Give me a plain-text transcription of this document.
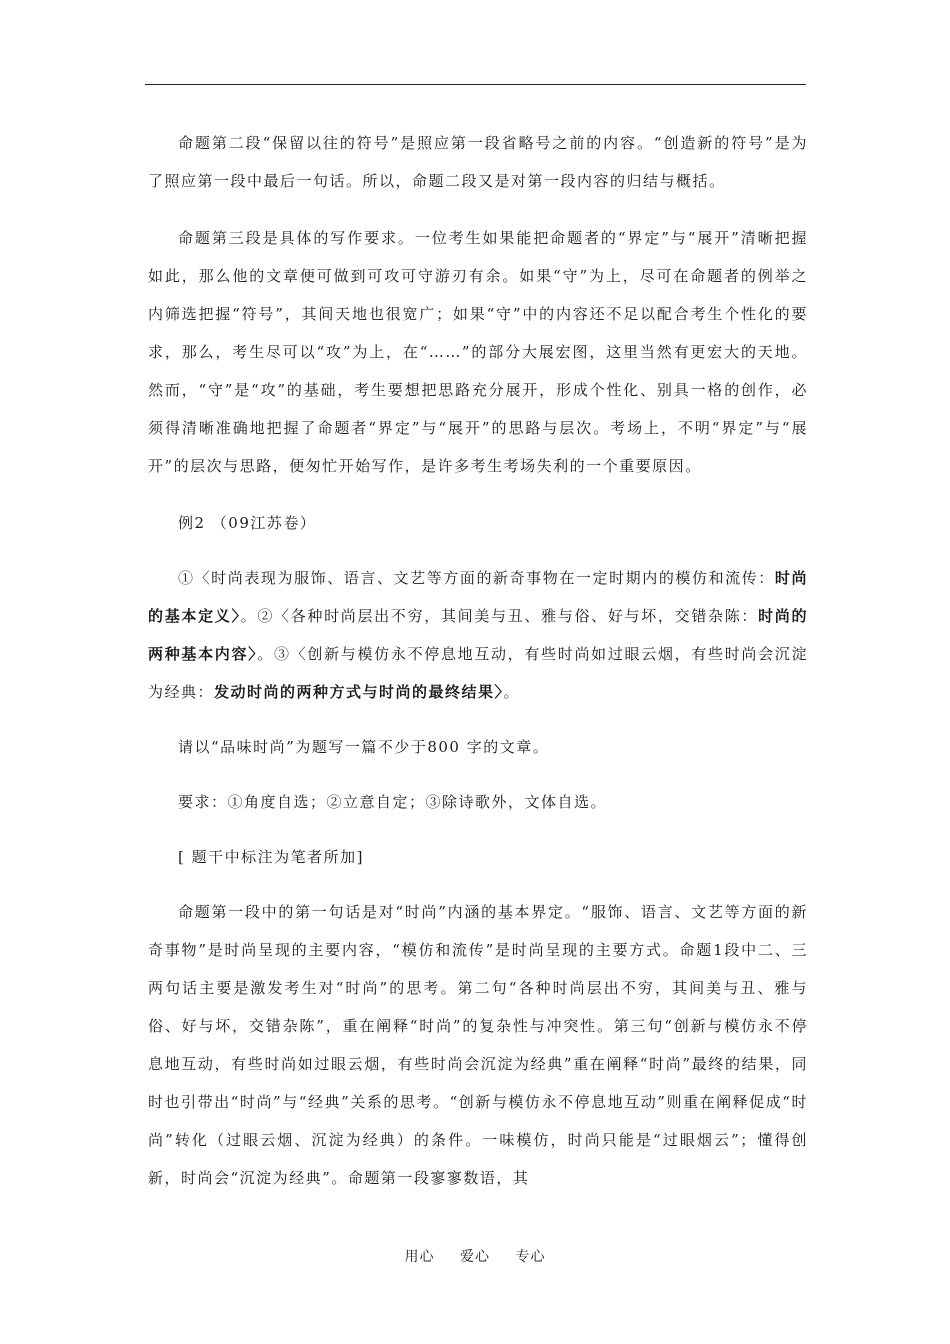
命题第二段“保留以往的符号”是照应第一段省略号之前的内容。“创造新的符号”是为了照应第一段中最后一句话。所以，命题二段又是对第一段内容的归结与概括。

命题第三段是具体的写作要求。一位考生如果能把命题者的“界定”与“展开”清晰把握如此，那么他的文章便可做到可攻可守游刃有余。如果“守”为上，尽可在命题者的例举之内筛选把握“符号”，其间天地也很宽广；如果“守”中的内容还不足以配合考生个性化的要求，那么，考生尽可以“攻”为上，在“……”的部分大展宏图，这里当然有更宏大的天地。然而，“守”是“攻”的基础，考生要想把思路充分展开，形成个性化、别具一格的创作，必须得清晰准确地把握了命题者“界定”与“展开”的思路与层次。考场上，不明“界定”与“展开”的层次与思路，便匆忙开始写作，是许多考生考场失利的一个重要原因。

例2 （09江苏卷）

①〈时尚表现为服饰、语言、文艺等方面的新奇事物在一定时期内的模仿和流传：时尚的基本定义〉。②〈各种时尚层出不穷，其间美与丑、雅与俗、好与坏，交错杂陈：时尚的两种基本内容〉。③〈创新与模仿永不停息地互动，有些时尚如过眼云烟，有些时尚会沉淀为经典：发动时尚的两种方式与时尚的最终结果〉。

请以“品味时尚”为题写一篇不少于800 字的文章。

要求：①角度自选；②立意自定；③除诗歌外，文体自选。

[ 题干中标注为笔者所加]

命题第一段中的第一句话是对“时尚”内涵的基本界定。“服饰、语言、文艺等方面的新奇事物”是时尚呈现的主要内容，“模仿和流传”是时尚呈现的主要方式。命题1段中二、三两句话主要是激发考生对“时尚”的思考。第二句“各种时尚层出不穷，其间美与丑、雅与俗、好与坏，交错杂陈”，重在阐释“时尚”的复杂性与冲突性。第三句“创新与模仿永不停息地互动，有些时尚如过眼云烟，有些时尚会沉淀为经典”重在阐释“时尚”最终的结果，同时也引带出“时尚”与“经典”关系的思考。“创新与模仿永不停息地互动”则重在阐释促成“时尚”转化（过眼云烟、沉淀为经典）的条件。一味模仿，时尚只能是“过眼烟云”；懂得创新，时尚会“沉淀为经典”。命题第一段寥寥数语，其

用心 爱心 专心
